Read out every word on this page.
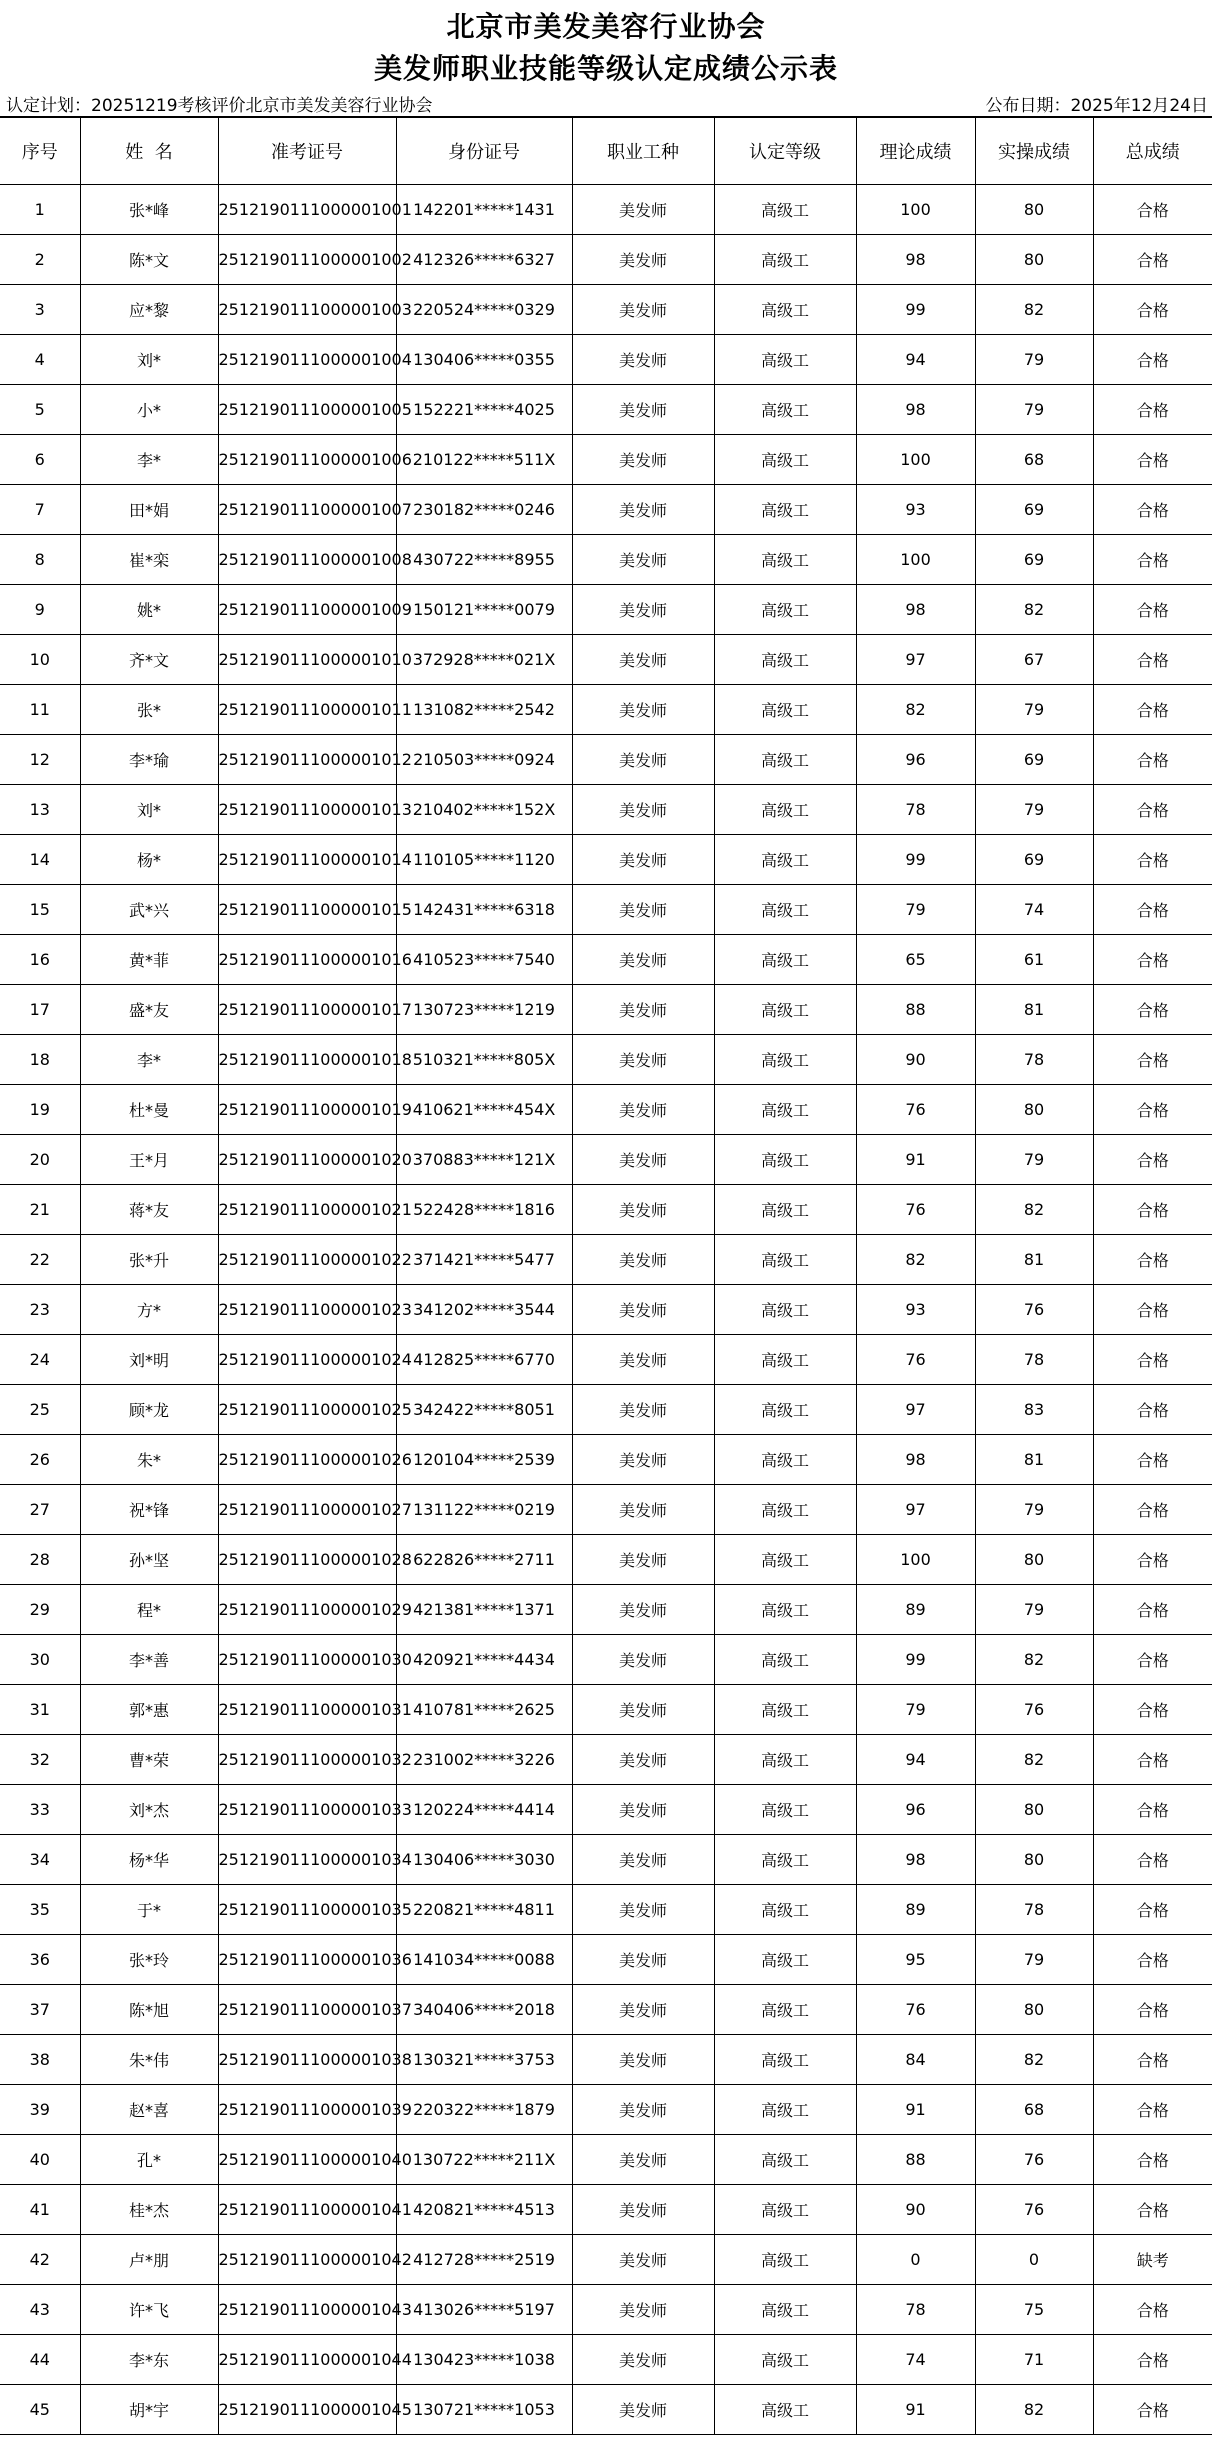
北京市美发美容行业协会
美发师职业技能等级认定成绩公示表
认定计划：20251219考核评价北京市美发美容行业协会	公布日期：2025年12月24日
序号	姓  名	准考证号	身份证号	职业工种	认定等级	理论成绩	实操成绩	总成绩
1	张*峰	2512190111000001001	142201*****1431	美发师	高级工	100	80	合格
2	陈*文	2512190111000001002	412326*****6327	美发师	高级工	98	80	合格
3	应*黎	2512190111000001003	220524*****0329	美发师	高级工	99	82	合格
4	刘*	2512190111000001004	130406*****0355	美发师	高级工	94	79	合格
5	小*	2512190111000001005	152221*****4025	美发师	高级工	98	79	合格
6	李*	2512190111000001006	210122*****511X	美发师	高级工	100	68	合格
7	田*娟	2512190111000001007	230182*****0246	美发师	高级工	93	69	合格
8	崔*栾	2512190111000001008	430722*****8955	美发师	高级工	100	69	合格
9	姚*	2512190111000001009	150121*****0079	美发师	高级工	98	82	合格
10	齐*文	2512190111000001010	372928*****021X	美发师	高级工	97	67	合格
11	张*	2512190111000001011	131082*****2542	美发师	高级工	82	79	合格
12	李*瑜	2512190111000001012	210503*****0924	美发师	高级工	96	69	合格
13	刘*	2512190111000001013	210402*****152X	美发师	高级工	78	79	合格
14	杨*	2512190111000001014	110105*****1120	美发师	高级工	99	69	合格
15	武*兴	2512190111000001015	142431*****6318	美发师	高级工	79	74	合格
16	黄*菲	2512190111000001016	410523*****7540	美发师	高级工	65	61	合格
17	盛*友	2512190111000001017	130723*****1219	美发师	高级工	88	81	合格
18	李*	2512190111000001018	510321*****805X	美发师	高级工	90	78	合格
19	杜*曼	2512190111000001019	410621*****454X	美发师	高级工	76	80	合格
20	王*月	2512190111000001020	370883*****121X	美发师	高级工	91	79	合格
21	蒋*友	2512190111000001021	522428*****1816	美发师	高级工	76	82	合格
22	张*升	2512190111000001022	371421*****5477	美发师	高级工	82	81	合格
23	方*	2512190111000001023	341202*****3544	美发师	高级工	93	76	合格
24	刘*明	2512190111000001024	412825*****6770	美发师	高级工	76	78	合格
25	顾*龙	2512190111000001025	342422*****8051	美发师	高级工	97	83	合格
26	朱*	2512190111000001026	120104*****2539	美发师	高级工	98	81	合格
27	祝*锋	2512190111000001027	131122*****0219	美发师	高级工	97	79	合格
28	孙*坚	2512190111000001028	622826*****2711	美发师	高级工	100	80	合格
29	程*	2512190111000001029	421381*****1371	美发师	高级工	89	79	合格
30	李*善	2512190111000001030	420921*****4434	美发师	高级工	99	82	合格
31	郭*惠	2512190111000001031	410781*****2625	美发师	高级工	79	76	合格
32	曹*荣	2512190111000001032	231002*****3226	美发师	高级工	94	82	合格
33	刘*杰	2512190111000001033	120224*****4414	美发师	高级工	96	80	合格
34	杨*华	2512190111000001034	130406*****3030	美发师	高级工	98	80	合格
35	于*	2512190111000001035	220821*****4811	美发师	高级工	89	78	合格
36	张*玲	2512190111000001036	141034*****0088	美发师	高级工	95	79	合格
37	陈*旭	2512190111000001037	340406*****2018	美发师	高级工	76	80	合格
38	朱*伟	2512190111000001038	130321*****3753	美发师	高级工	84	82	合格
39	赵*喜	2512190111000001039	220322*****1879	美发师	高级工	91	68	合格
40	孔*	2512190111000001040	130722*****211X	美发师	高级工	88	76	合格
41	桂*杰	2512190111000001041	420821*****4513	美发师	高级工	90	76	合格
42	卢*朋	2512190111000001042	412728*****2519	美发师	高级工	0	0	缺考
43	许*飞	2512190111000001043	413026*****5197	美发师	高级工	78	75	合格
44	李*东	2512190111000001044	130423*****1038	美发师	高级工	74	71	合格
45	胡*宇	2512190111000001045	130721*****1053	美发师	高级工	91	82	合格
